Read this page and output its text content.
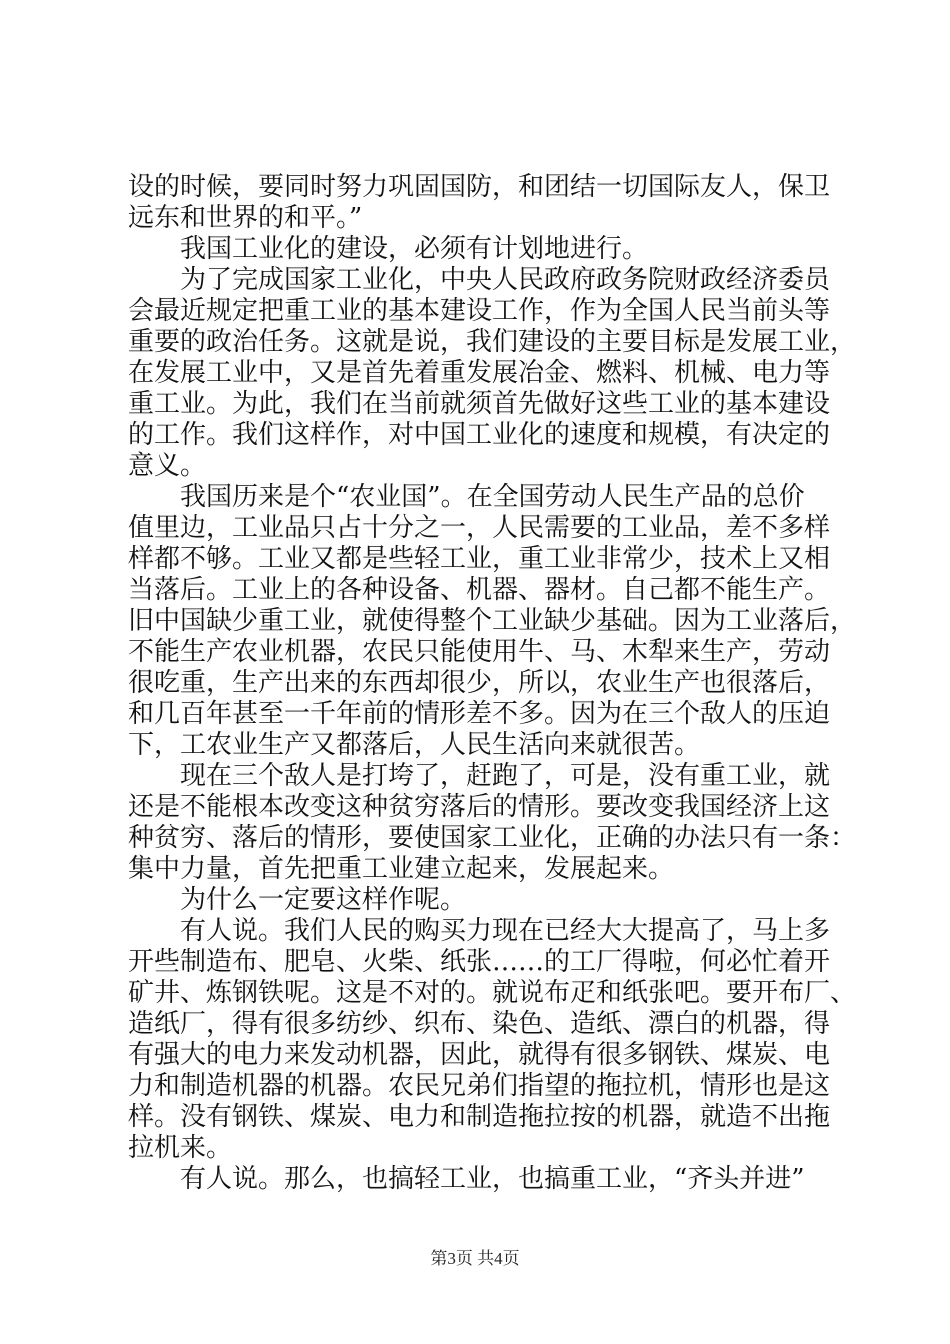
设的时候，要同时努力巩固国防，和团结一切国际友人，保卫
远东和世界的和平。”
我国工业化的建设，必须有计划地进行。
为了完成国家工业化，中央人民政府政务院财政经济委员
会最近规定把重工业的基本建设工作，作为全国人民当前头等
重要的政治任务。这就是说，我们建设的主要目标是发展工业，
在发展工业中，又是首先着重发展冶金、燃料、机械、电力等
重工业。为此，我们在当前就须首先做好这些工业的基本建设
的工作。我们这样作，对中国工业化的速度和规模，有决定的
意义。
我国历来是个“农业国”。在全国劳动人民生产品的总价
值里边，工业品只占十分之一，人民需要的工业品，差不多样
样都不够。工业又都是些轻工业，重工业非常少，技术上又相
当落后。工业上的各种设备、机器、器材。自己都不能生产。
旧中国缺少重工业，就使得整个工业缺少基础。因为工业落后，
不能生产农业机器，农民只能使用牛、马、木犁来生产，劳动
很吃重，生产出来的东西却很少，所以，农业生产也很落后，
和几百年甚至一千年前的情形差不多。因为在三个敌人的压迫
下，工农业生产又都落后，人民生活向来就很苦。
现在三个敌人是打垮了，赶跑了，可是，没有重工业，就
还是不能根本改变这种贫穷落后的情形。要改变我国经济上这
种贫穷、落后的情形，要使国家工业化，正确的办法只有一条：
集中力量，首先把重工业建立起来，发展起来。
为什么一定要这样作呢。
有人说。我们人民的购买力现在已经大大提高了，马上多
开些制造布、肥皂、火柴、纸张……的工厂得啦，何必忙着开
矿井、炼钢铁呢。这是不对的。就说布疋和纸张吧。要开布厂、
造纸厂，得有很多纺纱、织布、染色、造纸、漂白的机器，得
有强大的电力来发动机器，因此，就得有很多钢铁、煤炭、电
力和制造机器的机器。农民兄弟们指望的拖拉机，情形也是这
样。没有钢铁、煤炭、电力和制造拖拉按的机器，就造不出拖
拉机来。
有人说。那么，也搞轻工业，也搞重工业，“齐头并进”
第3页 共4页
